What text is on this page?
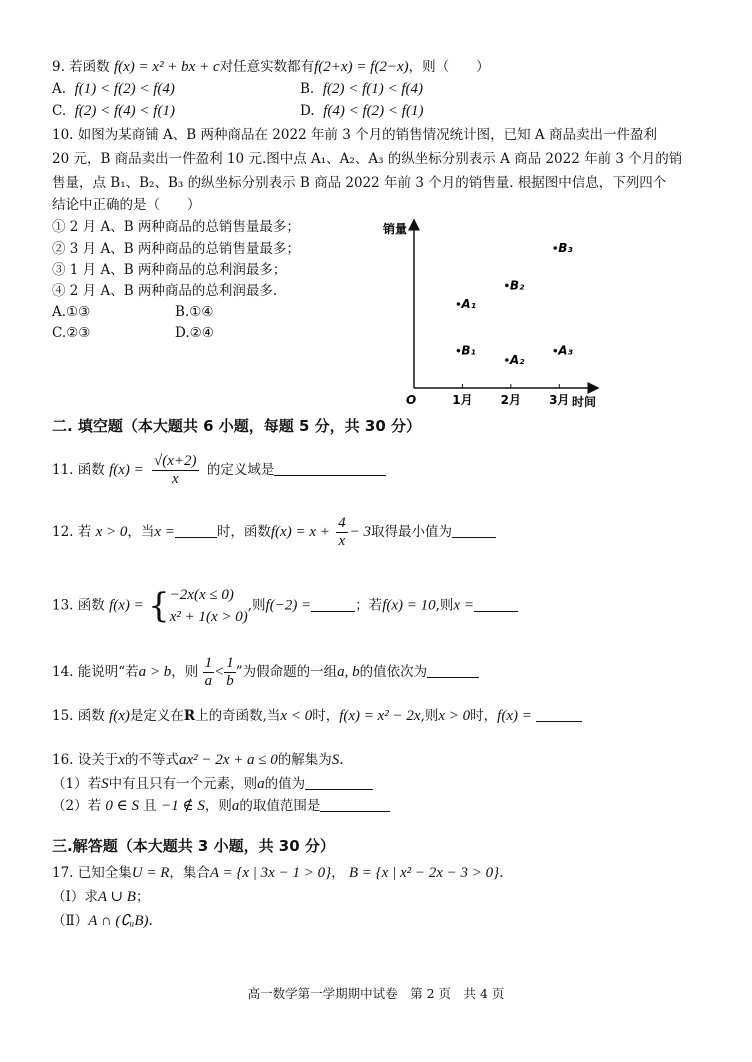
9. 若函数 f(x) = x² + bx + c对任意实数都有f(2+x) = f(2−x)，则（　　）
A. f(1) < f(2) < f(4)	B. f(2) < f(1) < f(4)
C. f(2) < f(4) < f(1)	D. f(4) < f(2) < f(1)
10. 如图为某商铺 A、B 两种商品在 2022 年前 3 个月的销售情况统计图，已知 A 商品卖出一件盈利
20 元，B 商品卖出一件盈利 10 元.图中点 A₁、A₂、A₃ 的纵坐标分别表示 A 商品 2022 年前 3 个月的销
售量，点 B₁、B₂、B₃ 的纵坐标分别表示 B 商品 2022 年前 3 个月的销售量. 根据图中信息，下列四个
结论中正确的是（　　）
① 2 月 A、B 两种商品的总销售量最多；
② 3 月 A、B 两种商品的总销售量最多；
③ 1 月 A、B 两种商品的总利润最多；
④ 2 月 A、B 两种商品的总利润最多.
A.①③	B.①④
C.②③	D.②④
销量
O	时间
1月 2月 3月
A₁
A₂
A₃
B₁
B₂
B₃
二. 填空题（本大题共 6 小题，每题 5 分，共 30 分）
11. 函数 $f(x) = \frac{√(x+2)}{x}$ 的定义域是
12. 若 x > 0，当x =	时，函数$f(x) = x + \frac{4}{x} - 3$取得最小值为
13. 函数 f(x) = { −2x(x ≤ 0)
x² + 1(x > 0)
,则f(−2) =	；若f(x) = 10,则x =
14. 能说明“若a > b，则 $\frac{1}{a} < \frac{1}{b}$ ”为假命题的一组a, b的值依次为
15. 函数 f(x)是定义在R上的奇函数,当x < 0时，f(x) = x² − 2x,则x > 0时，f(x) =
16. 设关于x的不等式ax² − 2x + a ≤ 0的解集为S.
（1）若S中有且只有一个元素，则a的值为
（2）若 0 ∈ S 且 −1 ∉ S，则a的取值范围是
三.解答题（本大题共 3 小题，共 30 分）
17. 已知全集U = R，集合A = {x | 3x − 1 > 0}， B = {x | x² − 2x − 3 > 0}.
（Ⅰ）求A ∪ B；
（Ⅱ）A ∩ (∁ᵤB).
高一数学第一学期期中试卷　第 2 页　共 4 页
